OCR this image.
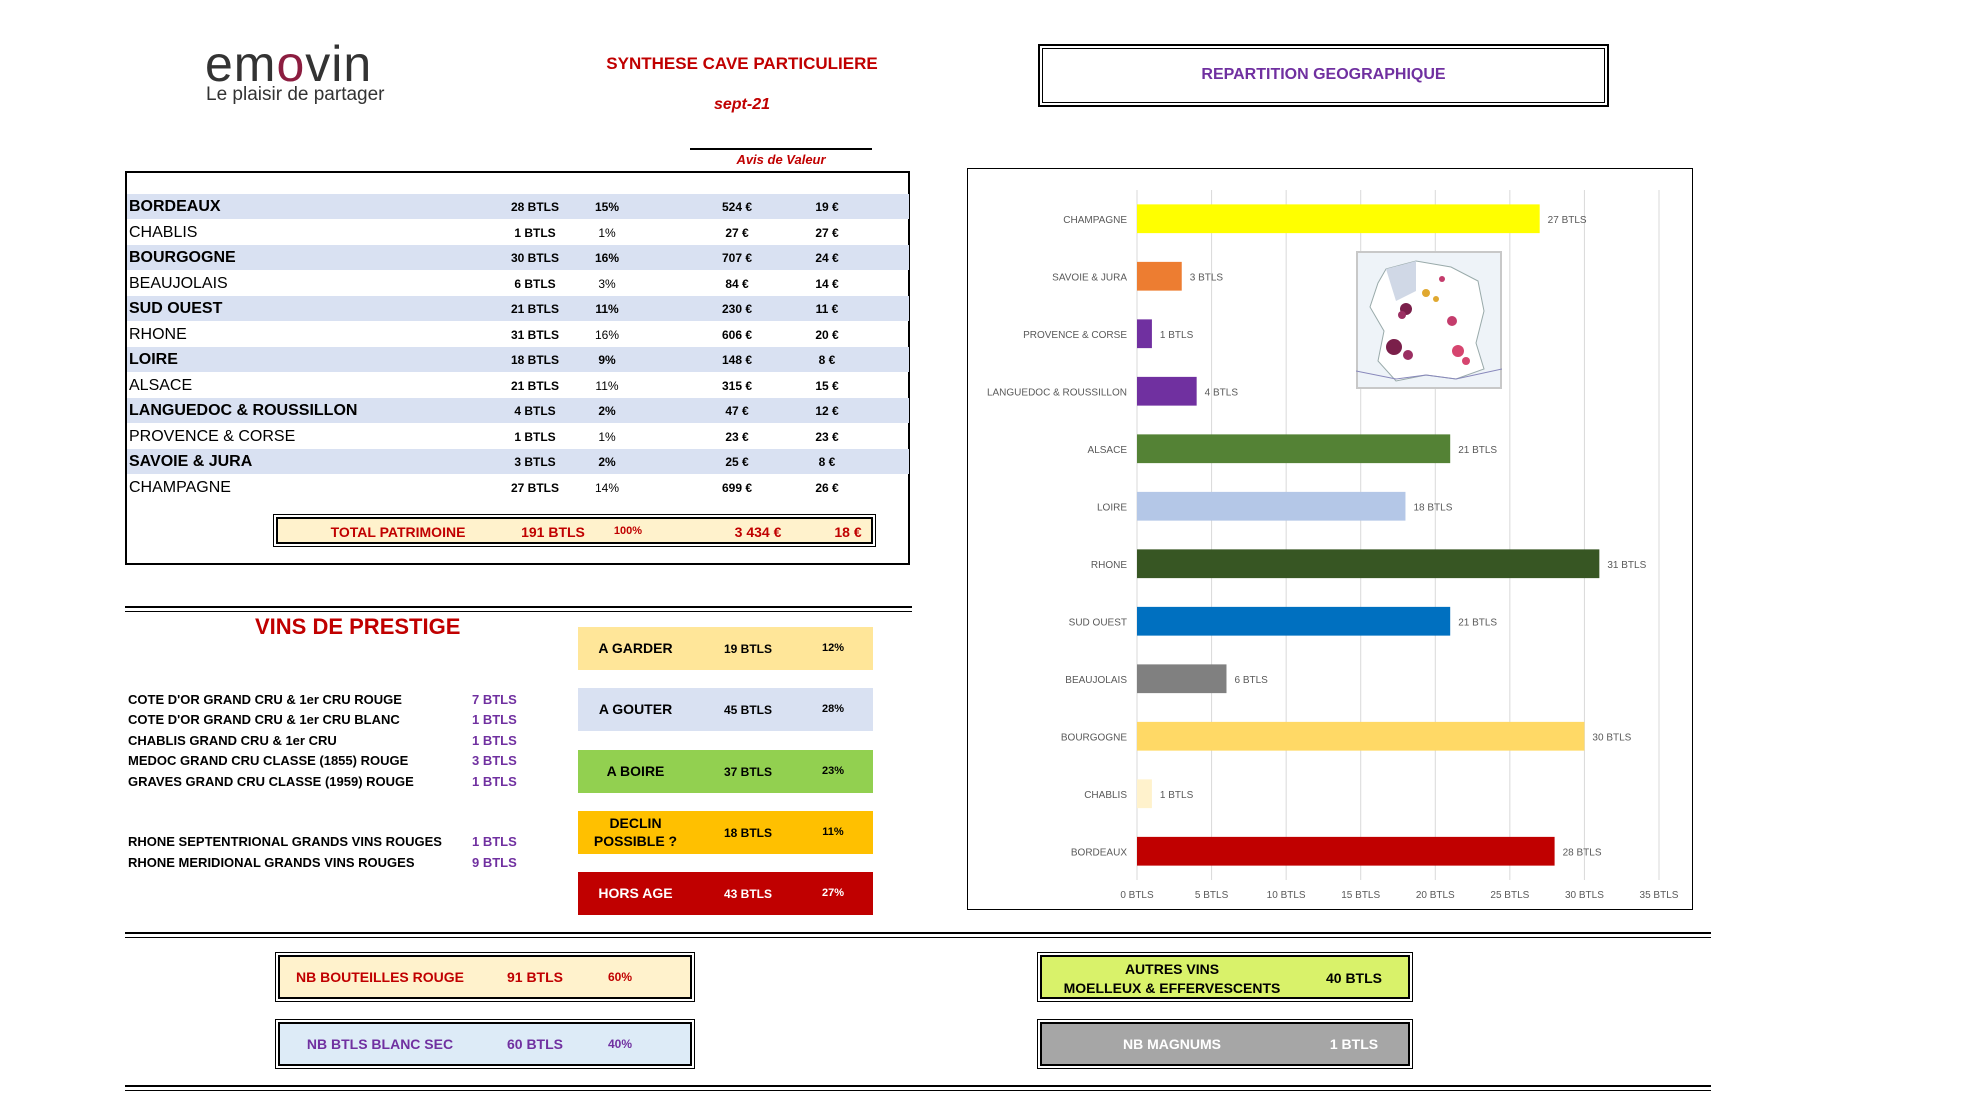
emovin
Le plaisir de partager
SYNTHESE CAVE PARTICULIERE
sept-21
Avis de Valeur
BORDEAUX	28 BTLS	15%	524 €	19 €
CHABLIS	1 BTLS	1%	27 €	27 €
BOURGOGNE	30 BTLS	16%	707 €	24 €
BEAUJOLAIS	6 BTLS	3%	84 €	14 €
SUD OUEST	21 BTLS	11%	230 €	11 €
RHONE	31 BTLS	16%	606 €	20 €
LOIRE	18 BTLS	9%	148 €	8 €
ALSACE	21 BTLS	11%	315 €	15 €
LANGUEDOC & ROUSSILLON	4 BTLS	2%	47 €	12 €
PROVENCE & CORSE	1 BTLS	1%	23 €	23 €
SAVOIE & JURA	3 BTLS	2%	25 €	8 €
CHAMPAGNE	27 BTLS	14%	699 €	26 €
TOTAL PATRIMOINE	191 BTLS	100%	3 434 €	18 €
VINS DE PRESTIGE
COTE D'OR GRAND CRU & 1er CRU ROUGE	7 BTLS
COTE D'OR GRAND CRU & 1er CRU BLANC	1 BTLS
CHABLIS GRAND CRU & 1er CRU	1 BTLS
MEDOC GRAND CRU CLASSE (1855) ROUGE	3 BTLS
GRAVES GRAND CRU CLASSE (1959) ROUGE	1 BTLS
RHONE SEPTENTRIONAL GRANDS VINS ROUGES 1 BTLS
RHONE MERIDIONAL GRANDS VINS ROUGES	9 BTLS
A GARDER	19 BTLS	12%
A GOUTER	45 BTLS	28%
A BOIRE	37 BTLS	23%
DECLIN
POSSIBLE ?	18 BTLS	11%
HORS AGE	43 BTLS	27%
REPARTITION GEOGRAPHIQUE
0 BTLS	5 BTLS	10 BTLS	15 BTLS	20 BTLS	25 BTLS	30 BTLS	35 BTLS
CHAMPAGNE	27 BTLS
SAVOIE & JURA	3 BTLS
PROVENCE & CORSE	1 BTLS
LANGUEDOC & ROUSSILLON	4 BTLS
ALSACE	21 BTLS
LOIRE	18 BTLS
RHONE	31 BTLS
SUD OUEST	21 BTLS
BEAUJOLAIS	6 BTLS
BOURGOGNE	30 BTLS
CHABLIS	1 BTLS
BORDEAUX	28 BTLS
NB BOUTEILLES ROUGE	91 BTLS	60%
NB BTLS BLANC SEC	60 BTLS	40%
AUTRES VINS
MOELLEUX & EFFERVESCENTS
40 BTLS
NB MAGNUMS	1 BTLS
